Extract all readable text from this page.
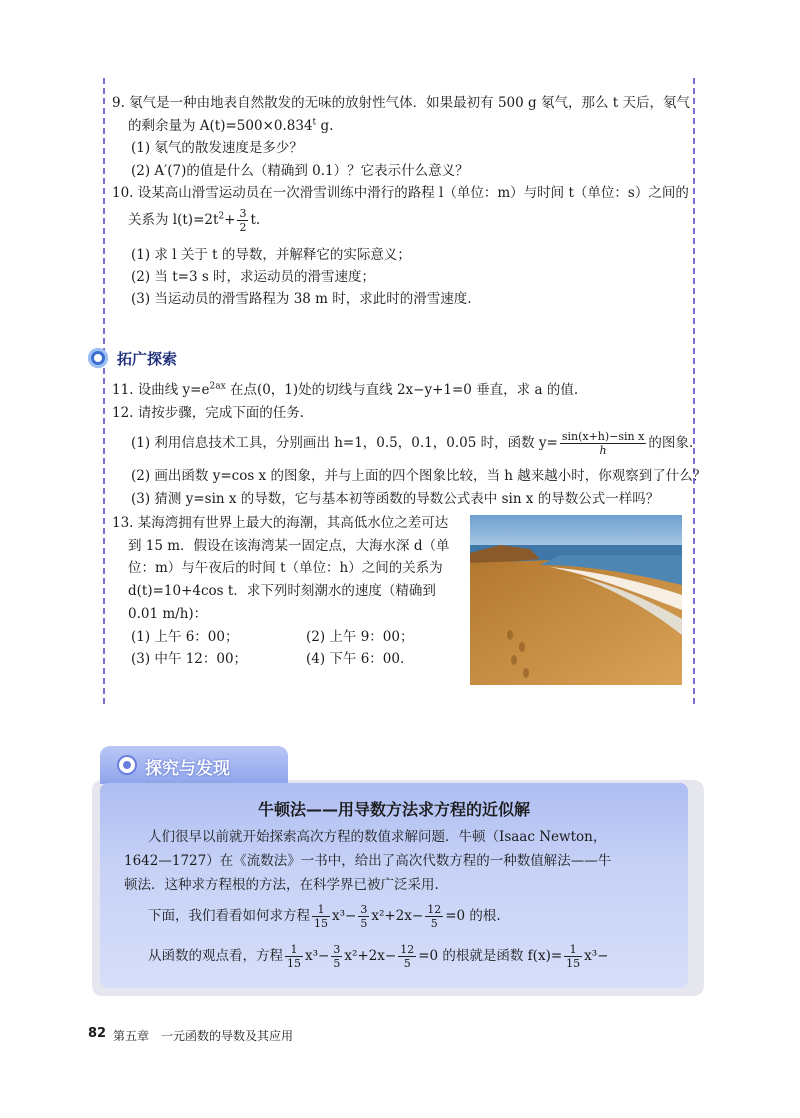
9. 氡气是一种由地表自然散发的无味的放射性气体．如果最初有 500 g 氡气，那么 t 天后，氡气
的剩余量为 $A(t)=500\times 0.834^t$ g.
(1) 氡气的散发速度是多少？
(2) A′(7)的值是什么（精确到 0.1）？它表示什么意义？
10. 设某高山滑雪运动员在一次滑雪训练中滑行的路程 l（单位：m）与时间 t（单位：s）之间的
关系为 $l(t)=2t^2+ \frac{3}{2} t$.
(1) 求 l 关于 t 的导数，并解释它的实际意义；
(2) 当 t=3 s 时，求运动员的滑雪速度；
(3) 当运动员的滑雪路程为 38 m 时，求此时的滑雪速度.
拓广探索
11. 设曲线 $y=e^{2ax}$ 在点(0，1)处的切线与直线 2x−y+1=0 垂直，求 a 的值.
12. 请按步骤，完成下面的任务.
(1) 利用信息技术工具，分别画出 h=1，0.5，0.1，0.05 时，函数 $y= \frac{\text{sin(x+h)−sin x}}{h}$ 的图象.
(2) 画出函数 y=cos x 的图象，并与上面的四个图象比较，当 h 越来越小时，你观察到了什么？
(3) 猜测 y=sin x 的导数，它与基本初等函数的导数公式表中 sin x 的导数公式一样吗？
13. 某海湾拥有世界上最大的海潮，其高低水位之差可达
到 15 m．假设在该海湾某一固定点，大海水深 d（单
位：m）与午夜后的时间 t（单位：h）之间的关系为
d(t)=10+4cos t．求下列时刻潮水的速度（精确到
0.01 m/h)：
(1) 上午 6：00；	(2) 上午 9：00；
(3) 中午 12：00；	(4) 下午 6：00.
探究与发现
牛顿法——用导数方法求方程的近似解
人们很早以前就开始探索高次方程的数值求解问题．牛顿（Isaac Newton，
1642—1727）在《流数法》一书中，给出了高次代数方程的一种数值解法——牛
顿法．这种求方程根的方法，在科学界已被广泛采用.
下面，我们看看如何求方程 $\frac{1}{15} x^3- \frac{3}{5} x^2+2x- \frac{12}{5} =0$ 的根.
从函数的观点看，方程 $\frac{1}{15} x^3- \frac{3}{5} x^2+2x- \frac{12}{5} =0$ 的根就是函数 $f(x)= \frac{1}{15} x^3-$
82 第五章　一元函数的导数及其应用
